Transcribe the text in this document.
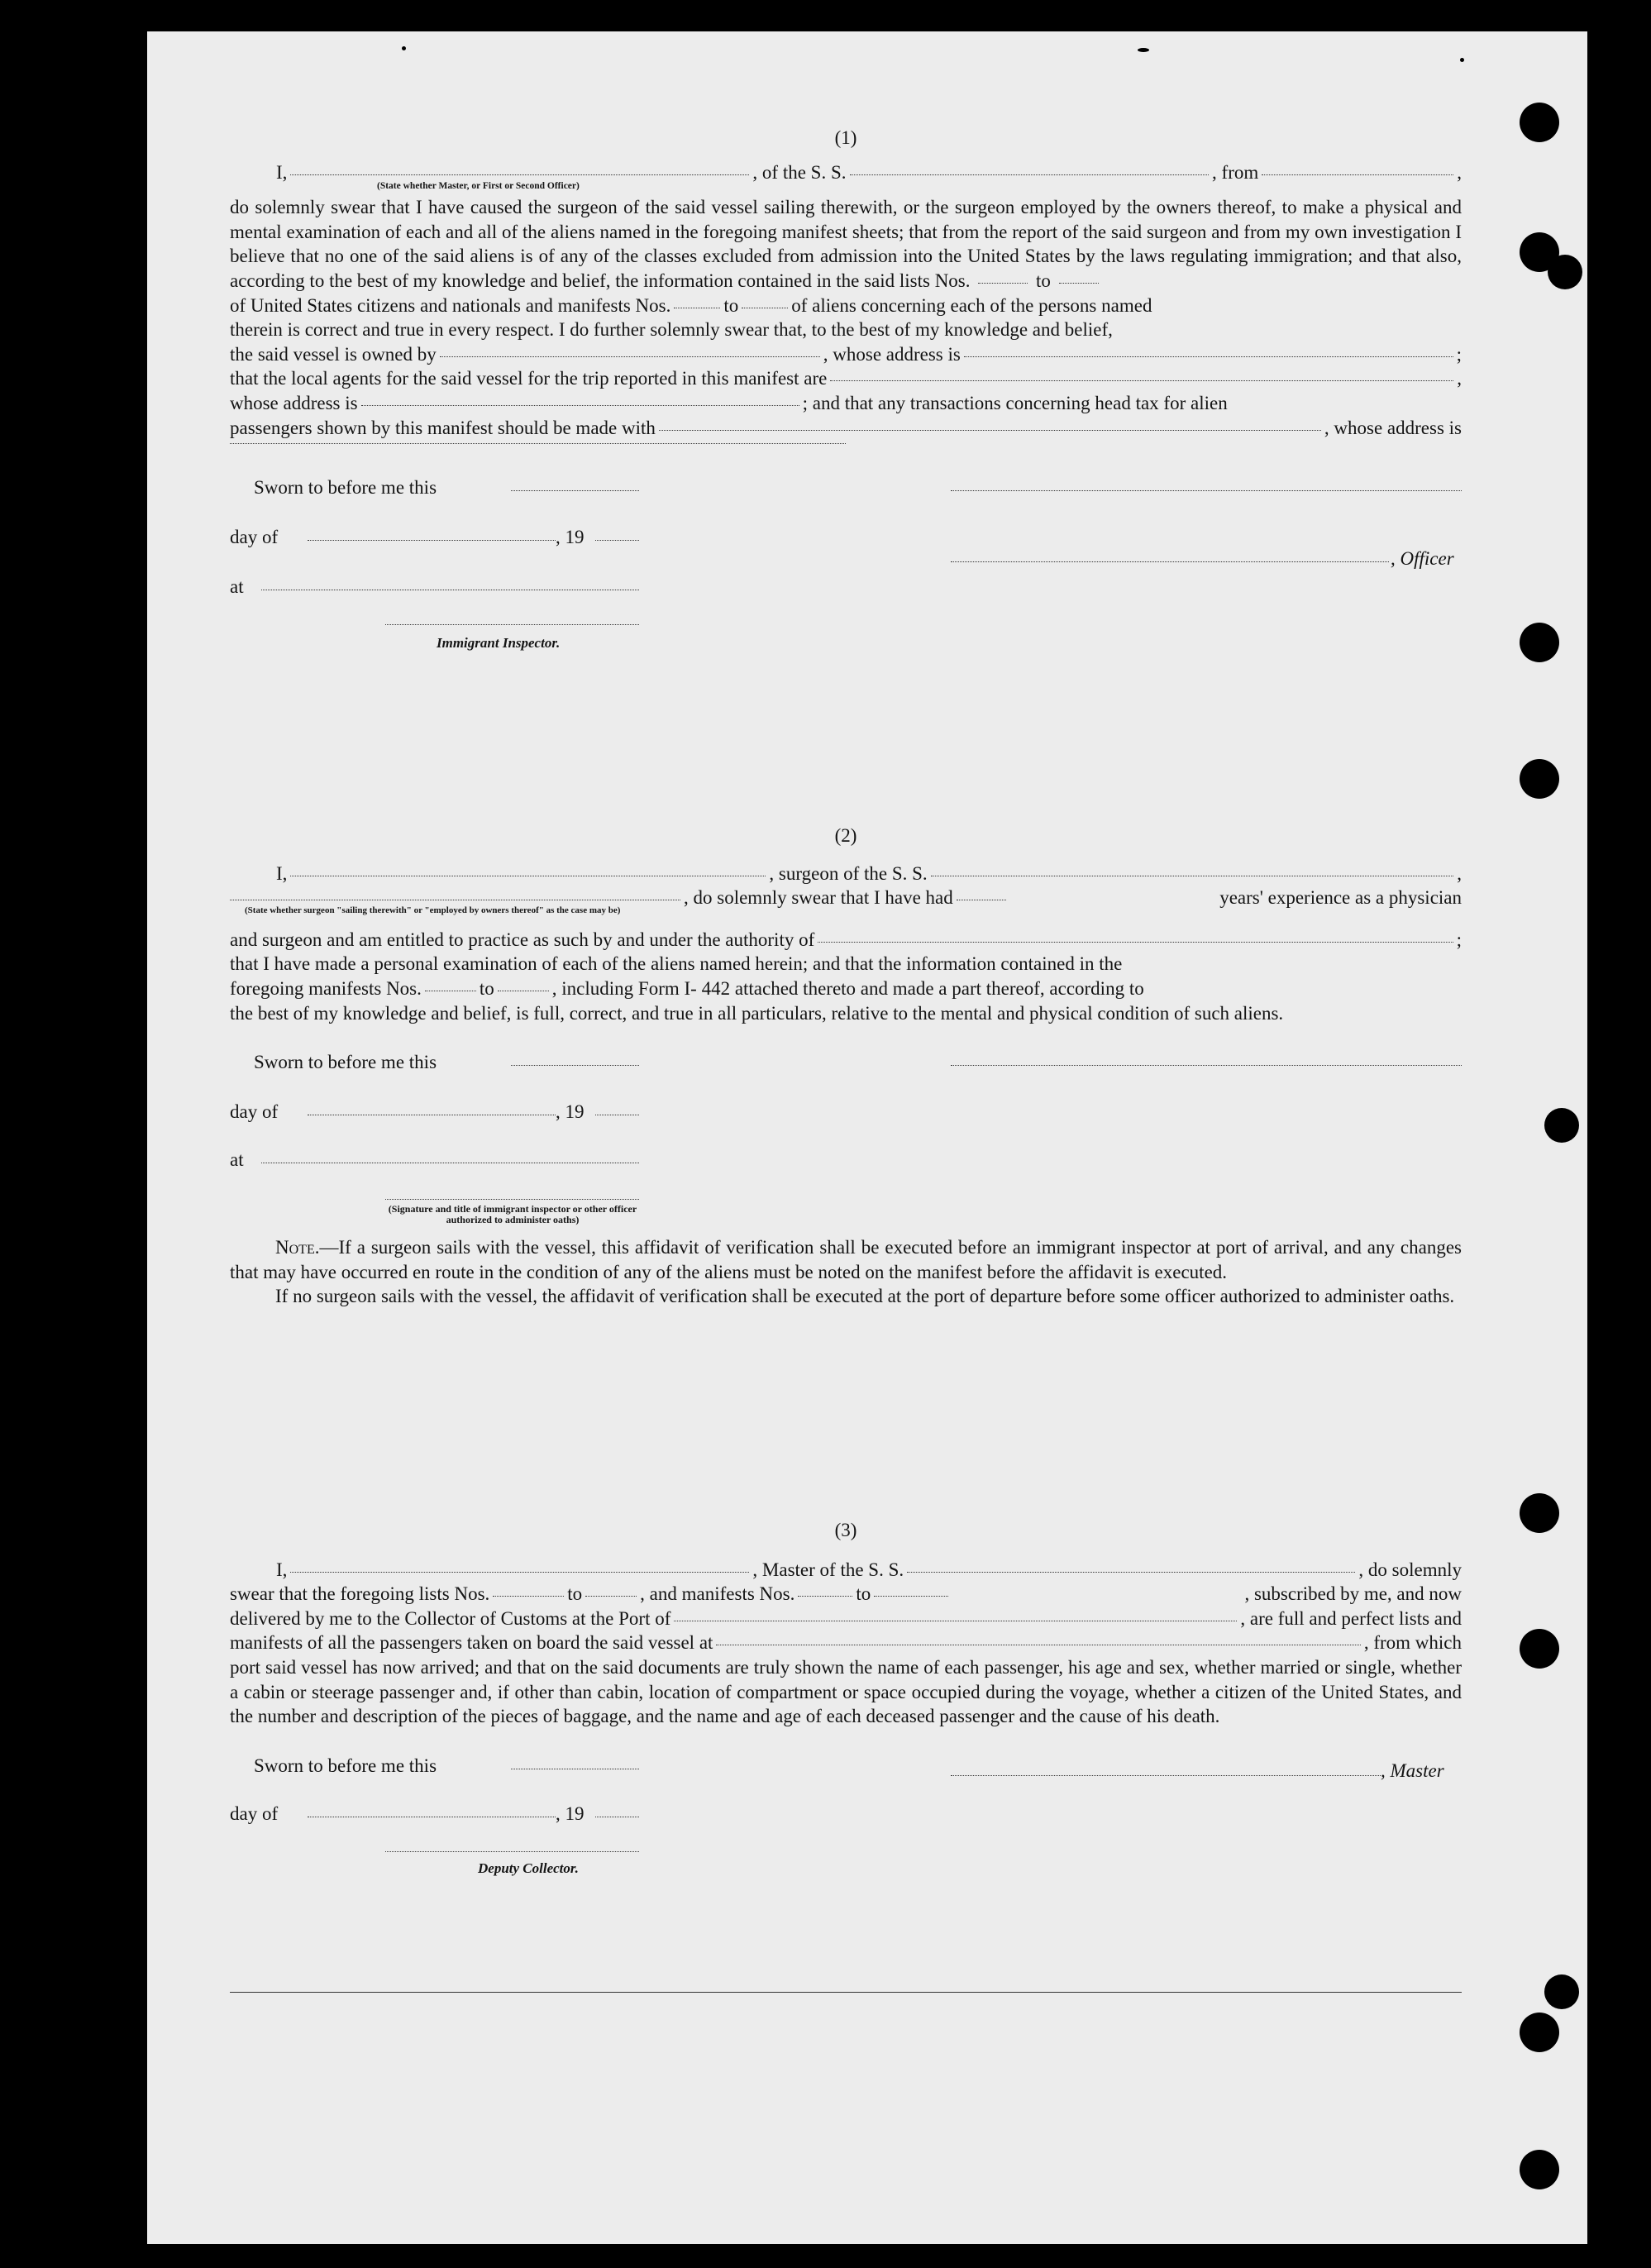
(1)

I,	, of the S. S.	, from	,
(State whether Master, or First or Second Officer)
do solemnly swear that I have caused the surgeon of the said vessel sailing therewith, or the surgeon employed by the owners thereof, to make a physical and mental examination of each and all of the aliens named in the foregoing manifest sheets; that from the report of the said surgeon and from my own investigation I believe that no one of the said aliens is of any of the classes excluded from admission into the United States by the laws regulating immigration; and that also, according to the best of my knowledge and belief, the information contained in the said lists Nos.	to
of United States citizens and nationals and manifests Nos.	to	of aliens concerning each of the persons named
therein is correct and true in every respect. I do further solemnly swear that, to the best of my knowledge and belief,
the said vessel is owned by	, whose address is	;
that the local agents for the said vessel for the trip reported in this manifest are	,
whose address is	; and that any transactions concerning head tax for alien
passengers shown by this manifest should be made with	, whose address is
Sworn to before me this
day of	, 19
, Officer
at
Immigrant Inspector.

(2)

I,	, surgeon of the S. S.	,
, do solemnly swear that I have had	years' experience as a physician
(State whether surgeon "sailing therewith" or "employed by owners thereof" as the case may be)
and surgeon and am entitled to practice as such by and under the authority of	;
that I have made a personal examination of each of the aliens named herein; and that the information contained in the
foregoing manifests Nos.	to	, including Form I- 442 attached thereto and made a part thereof, according to
the best of my knowledge and belief, is full, correct, and true in all particulars, relative to the mental and physical condition of such aliens.
Sworn to before me this
day of	, 19
at
(Signature and title of immigrant inspector or other officer authorized to administer oaths)
Note.—If a surgeon sails with the vessel, this affidavit of verification shall be executed before an immigrant inspector at port of arrival, and any changes that may have occurred en route in the condition of any of the aliens must be noted on the manifest before the affidavit is executed.
If no surgeon sails with the vessel, the affidavit of verification shall be executed at the port of departure before some officer authorized to administer oaths.

(3)

I,	, Master of the S. S.	, do solemnly
swear that the foregoing lists Nos.	to	, and manifests Nos.	to	, subscribed by me, and now
delivered by me to the Collector of Customs at the Port of	, are full and perfect lists and
manifests of all the passengers taken on board the said vessel at	, from which
port said vessel has now arrived; and that on the said documents are truly shown the name of each passenger, his age and sex, whether married or single, whether a cabin or steerage passenger and, if other than cabin, location of compartment or space occupied during the voyage, whether a citizen of the United States, and the number and description of the pieces of baggage, and the name and age of each deceased passenger and the cause of his death.
Sworn to before me this	, Master
day of	, 19
Deputy Collector.
